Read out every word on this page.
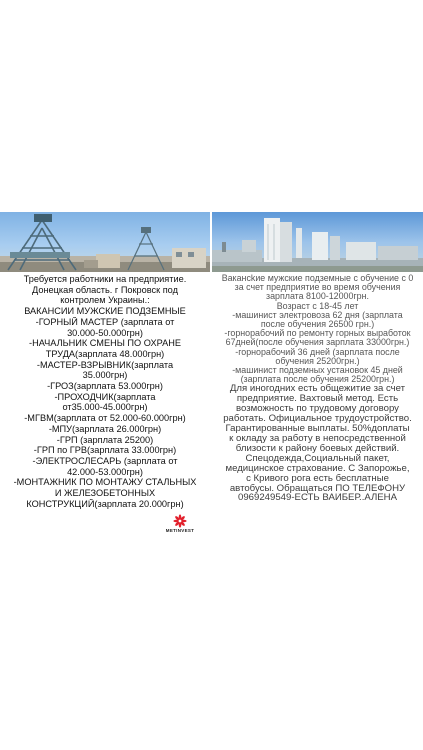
Требуется работники на предприятие.
Донецкая область. г Покровск под
контролем Украины.:
ВАКАНСИИ МУЖСКИЕ ПОДЗЕМНЫЕ
-ГОРНЫЙ МАСТЕР (зарплата от
30.000-50.000грн)
-НАЧАЛЬНИК СМЕНЫ ПО ОХРАНЕ
ТРУДА(зарплата 48.000грн)
-МАСТЕР-ВЗРЫВНИК(зарплата
35.000грн)
-ГРОЗ(зарплата 53.000грн)
-ПРОХОДЧИК(зарплата
от35.000-45.000грн)
-МГВМ(зарплата от 52.000-60.000грн)
-МПУ(зарплата 26.000грн)
-ГРП (зарплата 25200)
-ГРП по ГРВ(зарплата 33.000грн)
-ЭЛЕКТРОСЛЕСАРЬ (зарплата от
42.000-53.000грн)
-МОНТАЖНИК ПО МОНТАЖУ СТАЛЬНЫХ
И ЖЕЛЕЗОБЕТОННЫХ
КОНСТРУКЦИЙ(зарплата 20.000грн)
Вакансkие мужские подземные с обучение с 0
за счет предприятие во время обучения
зарплата 8100-12000грн.
Возраст с 18-45 лет
-машинист электровоза 62 дня (зарплата
после обучения 26500 грн.)
-горнорабочий по ремонту горных выработок
67дней(после обучения зарплата 33000грн.)
-горнорабочий 36 дней (зарплата после
обучения 25200грн.)
-машинист подземных установок 45 дней
(зарплата после обучения 25200грн.)
Для иногодних есть общежитие за счет
предприятие. Вахтовый метод. Есть
возможность по трудовому договору
работать. Официальное трудоустройство.
Гарантированные выплаты. 50%доплаты
к окладу за работу в непосредственной
близости к району боевых действий.
Спецодежда,Социальный пакет,
медицинское страхование. С Запорожье,
с Кривого рога есть бесплатные
автобусы. Обращаться ПО ТЕЛЕФОНУ
0969249549-ЕСТЬ ВАЙБЕР..АЛЕНА
METINVEST
